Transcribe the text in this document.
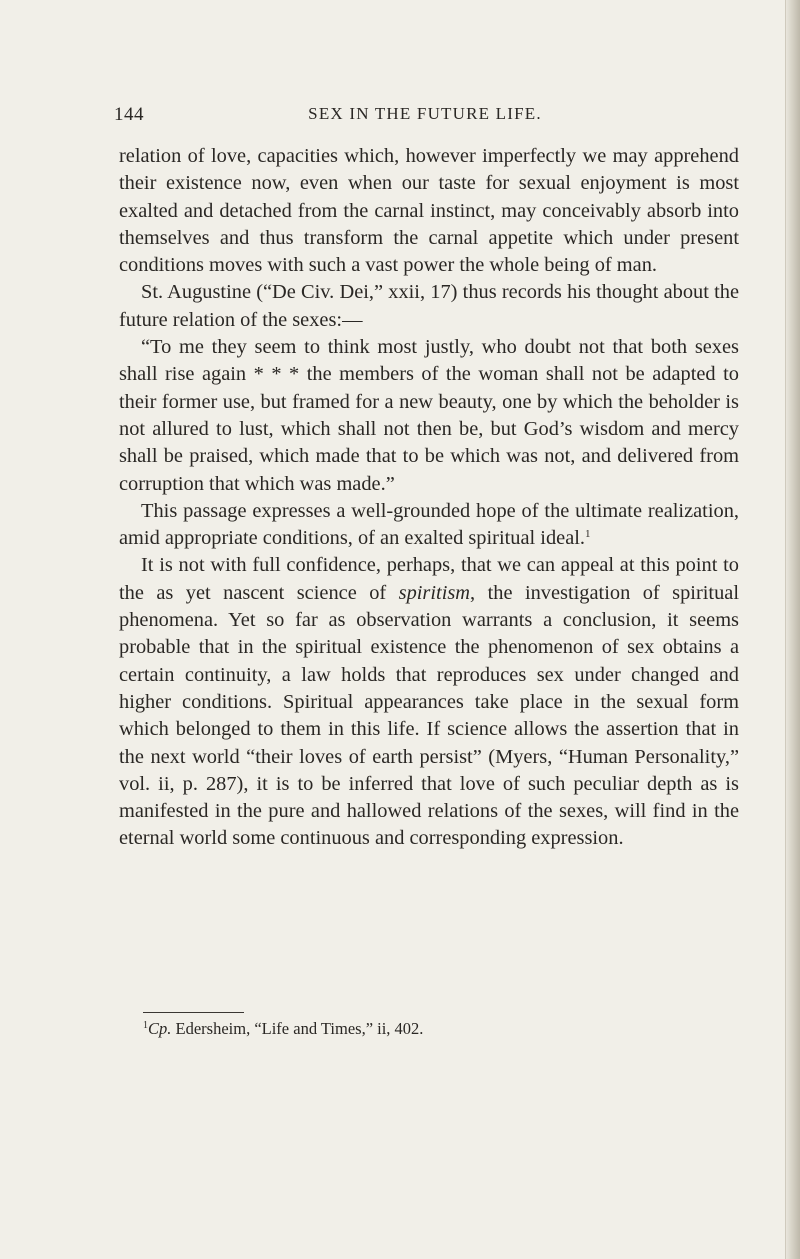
144	SEX IN THE FUTURE LIFE.

relation of love, capacities which, however imperfectly we may apprehend their existence now, even when our taste for sexual enjoyment is most exalted and detached from the carnal instinct, may conceivably absorb into themselves and thus transform the carnal appetite which under present conditions moves with such a vast power the whole being of man.

St. Augustine (“De Civ. Dei,” xxii, 17) thus records his thought about the future relation of the sexes:—

“To me they seem to think most justly, who doubt not that both sexes shall rise again * * * the members of the woman shall not be adapted to their former use, but framed for a new beauty, one by which the beholder is not allured to lust, which shall not then be, but God’s wisdom and mercy shall be praised, which made that to be which was not, and delivered from corruption that which was made.”

This passage expresses a well-grounded hope of the ultimate realization, amid appropriate conditions, of an exalted spiritual ideal.$^1$

It is not with full confidence, perhaps, that we can appeal at this point to the as yet nascent science of spiritism, the investigation of spiritual phenomena. Yet so far as observation warrants a conclusion, it seems probable that in the spiritual existence the phenomenon of sex obtains a certain continuity, a law holds that reproduces sex under changed and higher conditions. Spiritual appearances take place in the sexual form which belonged to them in this life. If science allows the assertion that in the next world “their loves of earth persist” (Myers, “Human Personality,” vol. ii, p. 287), it is to be inferred that love of such peculiar depth as is manifested in the pure and hallowed relations of the sexes, will find in the eternal world some continuous and corresponding expression.

$^1$Cp. Edersheim, “Life and Times,” ii, 402.
